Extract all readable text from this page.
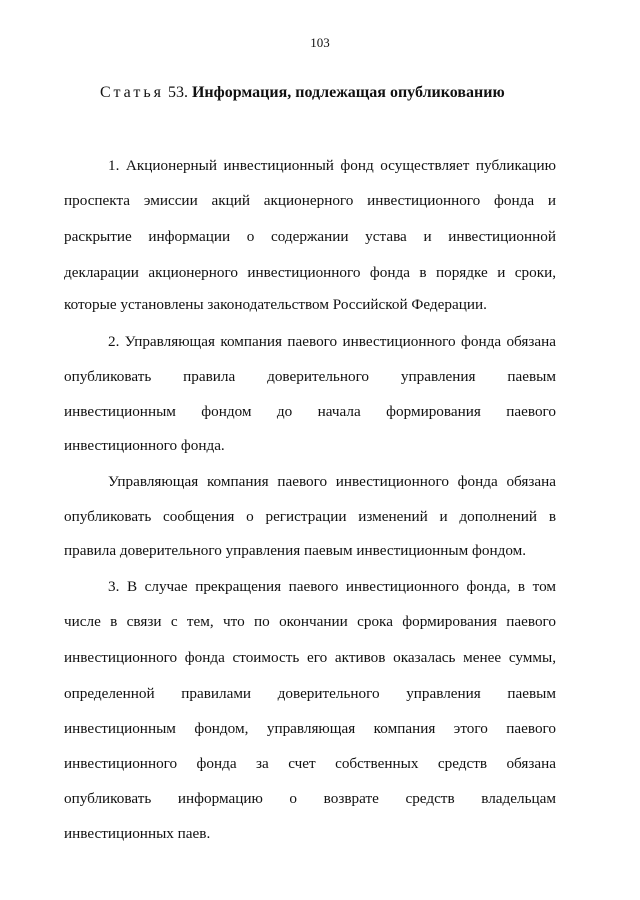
103
Статья 53. Информация, подлежащая опубликованию
1. Акционерный инвестиционный фонд осуществляет публикацию
проспекта эмиссии акций акционерного инвестиционного фонда и
раскрытие информации о содержании устава и инвестиционной
декларации акционерного инвестиционного фонда в порядке и сроки,
которые установлены законодательством Российской Федерации.
2. Управляющая компания паевого инвестиционного фонда обязана
опубликовать правила доверительного управления паевым
инвестиционным фондом до начала формирования паевого
инвестиционного фонда.
Управляющая компания паевого инвестиционного фонда обязана
опубликовать сообщения о регистрации изменений и дополнений в
правила доверительного управления паевым инвестиционным фондом.
3. В случае прекращения паевого инвестиционного фонда, в том
числе в связи с тем, что по окончании срока формирования паевого
инвестиционного фонда стоимость его активов оказалась менее суммы,
определенной правилами доверительного управления паевым
инвестиционным фондом, управляющая компания этого паевого
инвестиционного фонда за счет собственных средств обязана
опубликовать информацию о возврате средств владельцам
инвестиционных паев.
